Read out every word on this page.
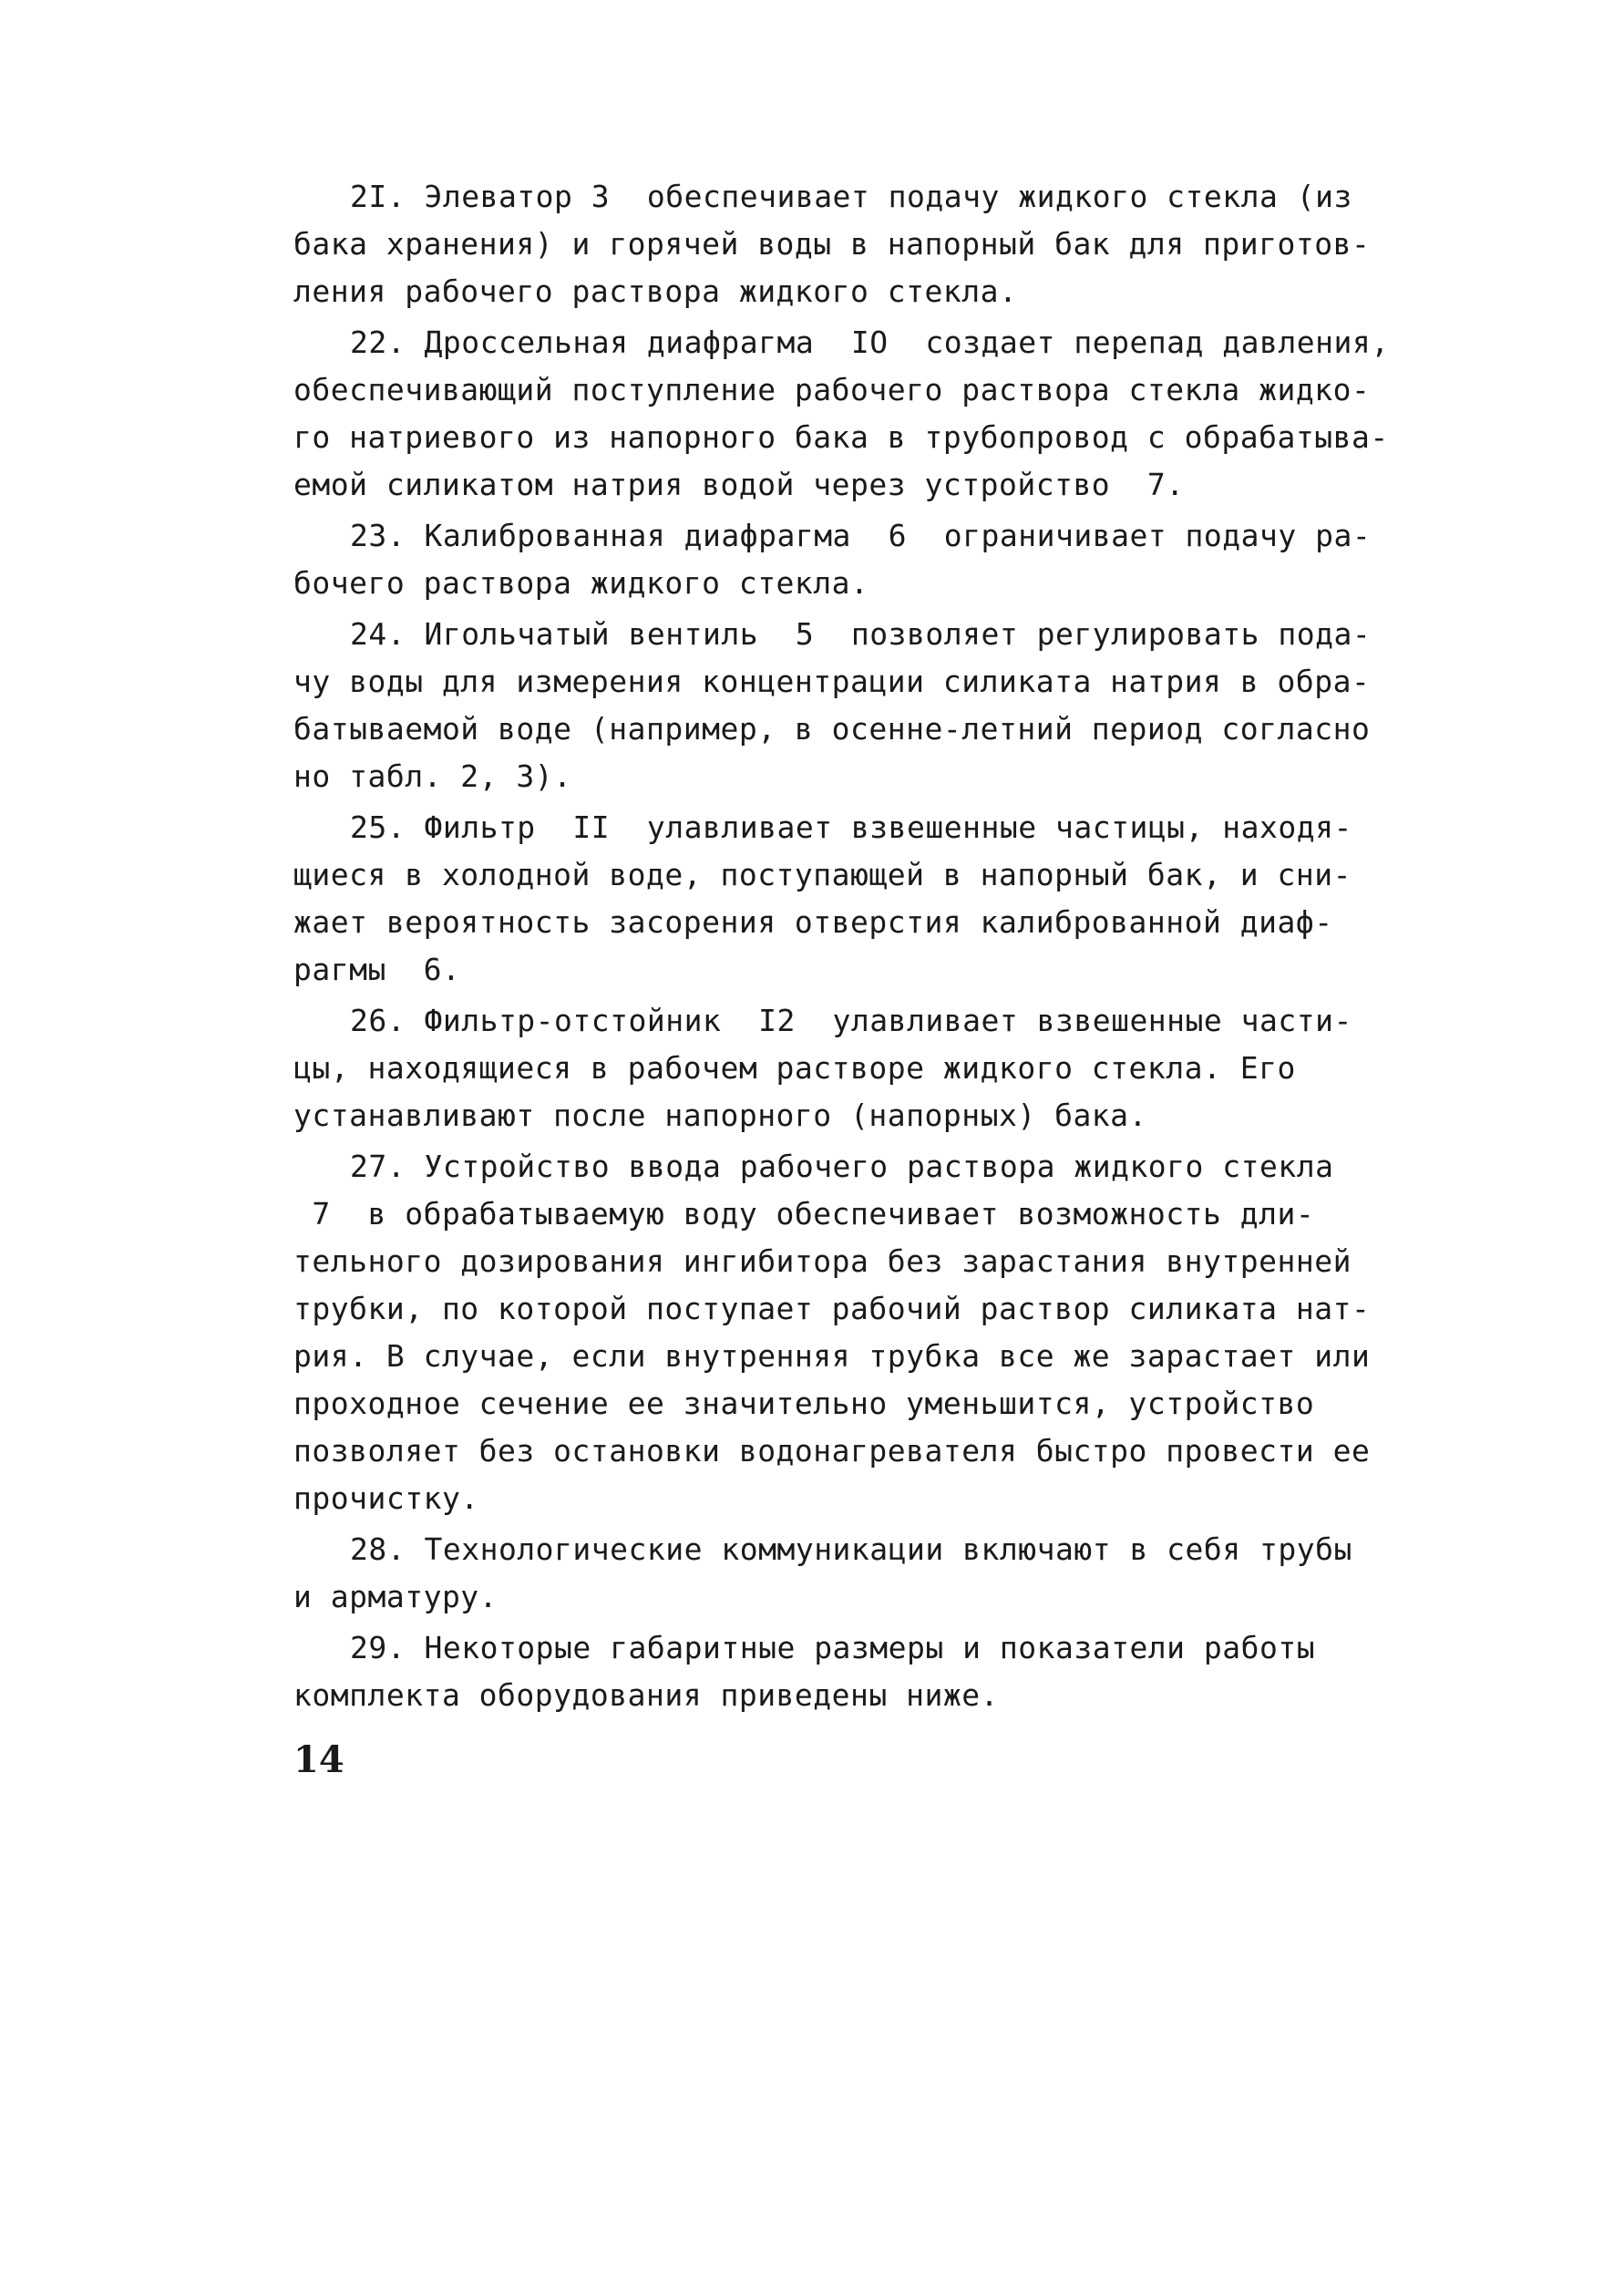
2I. Элеватор 3  обеспечивает подачу жидкого стекла (из
бака хранения) и горячей воды в напорный бак для приготов-
ления рабочего раствора жидкого стекла.
22. Дроссельная диафрагма  IO  создает перепад давления,
обеспечивающий поступление рабочего раствора стекла жидко-
го натриевого из напорного бака в трубопровод с обрабатыва-
емой силикатом натрия водой через устройство  7.
23. Калиброванная диафрагма  6  ограничивает подачу ра-
бочего раствора жидкого стекла.
24. Игольчатый вентиль  5  позволяет регулировать пода-
чу воды для измерения концентрации силиката натрия в обра-
батываемой воде (например, в осенне-летний период согласно
но табл. 2, 3).
25. Фильтр  II  улавливает взвешенные частицы, находя-
щиеся в холодной воде, поступающей в напорный бак, и сни-
жает вероятность засорения отверстия калиброванной диаф-
рагмы  6.
26. Фильтр-отстойник  I2  улавливает взвешенные части-
цы, находящиеся в рабочем растворе жидкого стекла. Его
устанавливают после напорного (напорных) бака.
27. Устройство ввода рабочего раствора жидкого стекла
7  в обрабатываемую воду обеспечивает возможность дли-
тельного дозирования ингибитора без зарастания внутренней
трубки, по которой поступает рабочий раствор силиката нат-
рия. В случае, если внутренняя трубка все же зарастает или
проходное сечение ее значительно уменьшится, устройство
позволяет без остановки водонагревателя быстро провести ее
прочистку.
28. Технологические коммуникации включают в себя трубы
и арматуру.
29. Некоторые габаритные размеры и показатели работы
комплекта оборудования приведены ниже.
14
